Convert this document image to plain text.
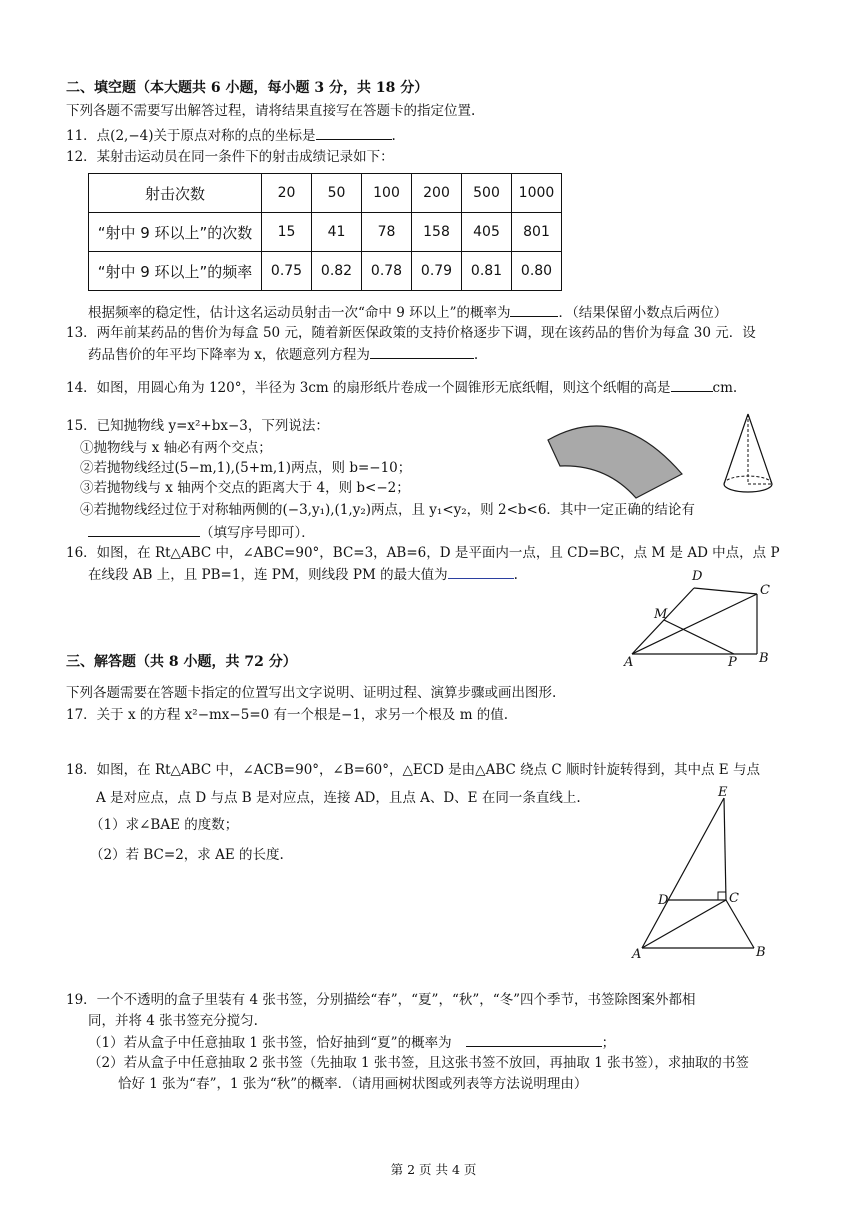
二、填空题（本大题共 6 小题，每小题 3 分，共 18 分）
下列各题不需要写出解答过程，请将结果直接写在答题卡的指定位置.
11．点(2,−4)关于原点对称的点的坐标是	.
12．某射击运动员在同一条件下的射击成绩记录如下：
射击次数	20	50	100	200	500	1000
“射中 9 环以上”的次数	15	41	78	158	405	801
“射中 9 环以上”的频率	0.75	0.82	0.78	0.79	0.81	0.80
根据频率的稳定性，估计这名运动员射击一次“命中 9 环以上”的概率为	．（结果保留小数点后两位）
13．两年前某药品的售价为每盒 50 元，随着新医保政策的支持价格逐步下调，现在该药品的售价为每盒 30 元．设
药品售价的年平均下降率为 x，依题意列方程为	.
14．如图，用圆心角为 120°，半径为 3cm 的扇形纸片卷成一个圆锥形无底纸帽，则这个纸帽的高是	cm.
15．已知抛物线 y=x²+bx−3，下列说法：
①抛物线与 x 轴必有两个交点；
②若抛物线经过(5−m,1),(5+m,1)两点，则 b=−10；
③若抛物线与 x 轴两个交点的距离大于 4，则 b<−2；
④若抛物线经过位于对称轴两侧的(−3,y₁),(1,y₂)两点，且 y₁<y₂，则 2<b<6．其中一定正确的结论有
（填写序号即可）．
16．如图，在 Rt△ABC 中，∠ABC=90°，BC=3，AB=6，D 是平面内一点，且 CD=BC，点 M 是 AD 中点，点 P
在线段 AB 上，且 PB=1，连 PM，则线段 PM 的最大值为	.	D
C
M
A	P B
三、解答题（共 8 小题，共 72 分）
下列各题需要在答题卡指定的位置写出文字说明、证明过程、演算步骤或画出图形.
17．关于 x 的方程 x²−mx−5=0 有一个根是−1，求另一个根及 m 的值.
18．如图，在 Rt△ABC 中，∠ACB=90°，∠B=60°，△ECD 是由△ABC 绕点 C 顺时针旋转得到，其中点 E 与点
A 是对应点，点 D 与点 B 是对应点，连接 AD，且点 A、D、E 在同一条直线上.
（1）求∠BAE 的度数；
（2）若 BC=2，求 AE 的长度.
E
D	C
A	B
19．一个不透明的盒子里装有 4 张书签，分别描绘“春”，“夏”，“秋”，“冬”四个季节，书签除图案外都相
同，并将 4 张书签充分搅匀.
（1）若从盒子中任意抽取 1 张书签，恰好抽到“夏”的概率为	；
（2）若从盒子中任意抽取 2 张书签（先抽取 1 张书签，且这张书签不放回，再抽取 1 张书签），求抽取的书签
恰好 1 张为“春”，1 张为“秋”的概率．（请用画树状图或列表等方法说明理由）
第 2 页 共 4 页
